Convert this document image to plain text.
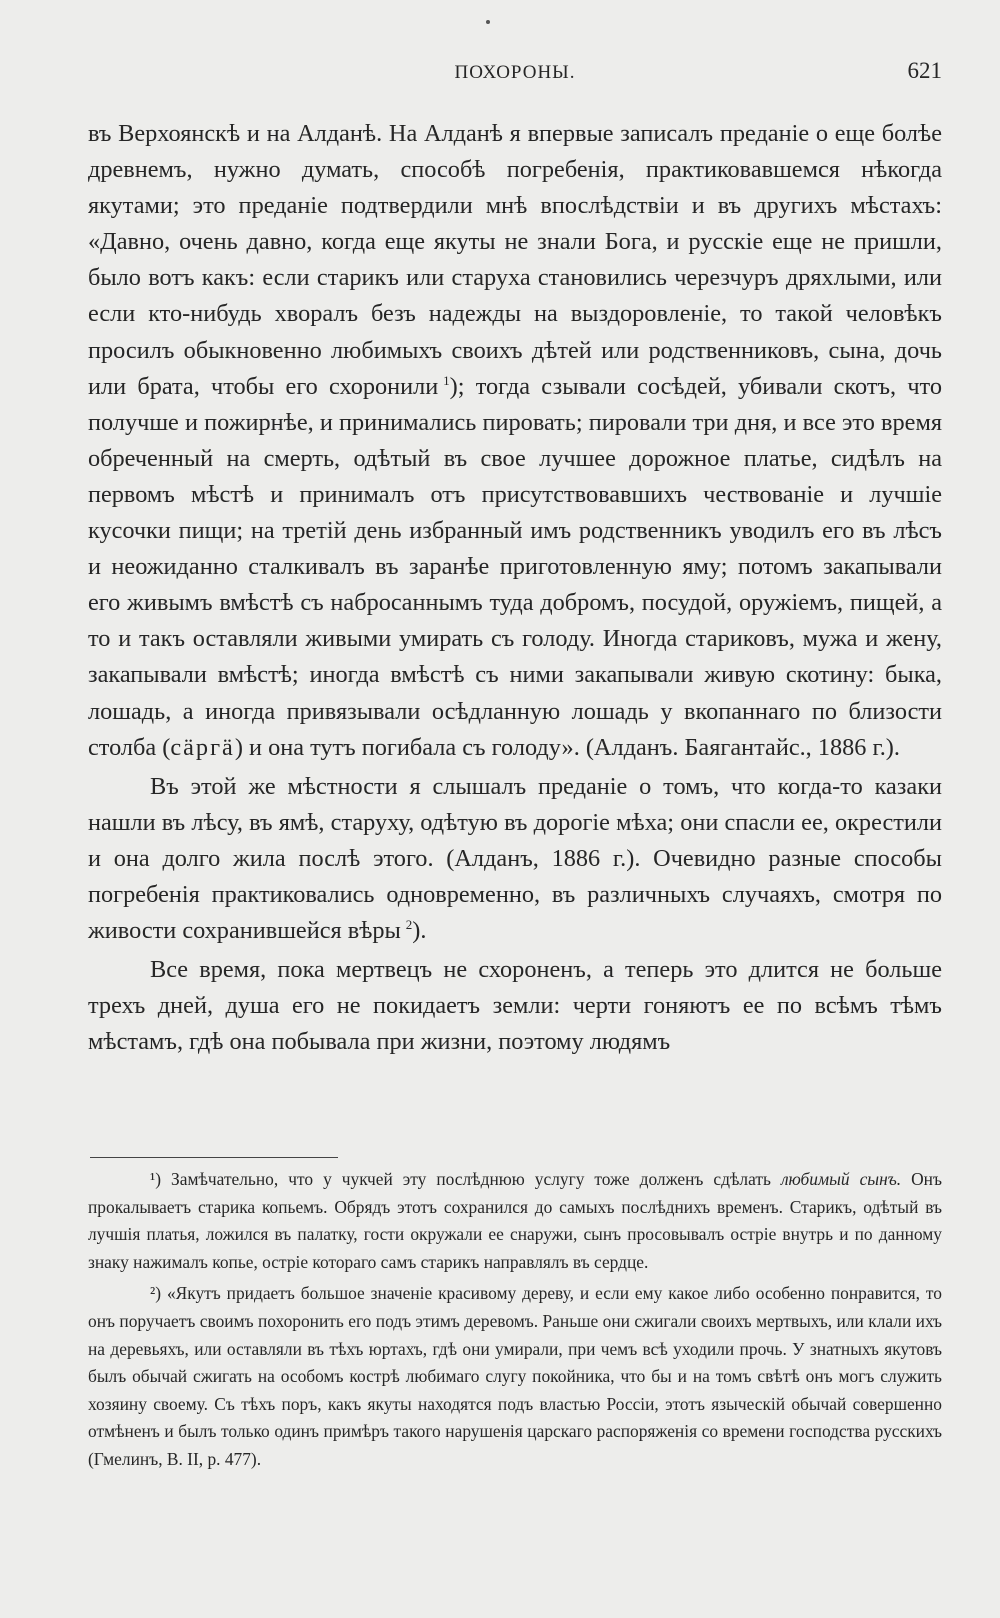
ПОХОРОНЫ.	621

въ Верхоянскѣ и на Алданѣ. На Алданѣ я впервые записалъ преданіе о еще болѣе древнемъ, нужно думать, способѣ погребенія, практиковавшемся нѣкогда якутами; это преданіе подтвердили мнѣ впослѣдствіи и въ другихъ мѣстахъ: «Давно, очень давно, когда еще якуты не знали Бога, и русскіе еще не пришли, было вотъ какъ: если старикъ или старуха становились черезчуръ дряхлыми, или если кто-нибудь хворалъ безъ надежды на выздоровленіе, то такой человѣкъ просилъ обыкновенно любимыхъ своихъ дѣтей или родственниковъ, сына, дочь или брата, чтобы его схоронили  $^1$); тогда сзывали сосѣдей, убивали скотъ, что получше и пожирнѣе, и принимались пировать; пировали три дня, и все это время обреченный на смерть, одѣтый въ свое лучшее дорожное платье, сидѣлъ на первомъ мѣстѣ и принималъ отъ присутствовавшихъ чествованіе и лучшіе кусочки пищи; на третій день избранный имъ родственникъ уводилъ его въ лѣсъ и неожиданно сталкивалъ въ заранѣе приготовленную яму; потомъ закапывали его живымъ вмѣстѣ съ наброcаннымъ туда добромъ, посудой, оружіемъ, пищей, а то и такъ оставляли живыми умирать съ голоду. Иногда стариковъ, мужа и жену, закапывали вмѣстѣ; иногда вмѣстѣ съ ними закапывали живую скотину: быка, лошадь, а иногда привязывали осѣдланную лошадь у вкопаннаго по близости столба (сäргä) и она тутъ погибала съ голоду». (Алданъ. Баягантайс., 1886 г.).

Въ этой же мѣстности я слышалъ преданіе о томъ, что когда-то казаки нашли въ лѣсу, въ ямѣ, старуху, одѣтую въ дорогіе мѣха; они спасли ее, окрестили и она долго жила послѣ этого. (Алданъ, 1886 г.). Очевидно разные способы погребенія практиковались одновременно, въ различныхъ случаяхъ, смотря по живости сохранившейся вѣры  $^2$).

Все время, пока мертвецъ не схороненъ, а теперь это длится не больше трехъ дней, душа его не покидаетъ земли: черти гоняютъ ее по всѣмъ тѣмъ мѣстамъ, гдѣ она побывала при жизни, поэтому людямъ

¹) Замѣчательно, что у чукчей эту послѣднюю услугу тоже долженъ сдѣлать любимый сынъ. Онъ прокалываетъ старика копьемъ. Обрядъ этотъ сохранился до самыхъ послѣднихъ временъ. Старикъ, одѣтый въ лучшія платья, ложился въ палатку, гости окружали ее снаружи, сынъ просовывалъ остріе внутрь и по данному знаку нажималъ копье, остріе котораго самъ старикъ направлялъ въ сердце.

²) «Якутъ придаетъ большое значеніе красивому дереву, и если ему какое либо особенно понравится, то онъ поручаетъ своимъ похоронить его подъ этимъ деревомъ. Раньше они сжигали своихъ мертвыхъ, или клали ихъ на деревьяхъ, или оставляли въ тѣхъ юртахъ, гдѣ они умирали, при чемъ всѣ уходили прочь. У знатныхъ якутовъ былъ обычай сжигать на особомъ кострѣ любимаго слугу покойника, что бы и на томъ свѣтѣ онъ могъ служить хозяину своему. Съ тѣхъ поръ, какъ якуты находятся подъ властью Россіи, этотъ языческій обычай совершенно отмѣненъ и былъ только одинъ примѣръ такого нарушенія царскаго распоряженія со времени господства русскихъ (Гмелинъ, B. II, p. 477).
